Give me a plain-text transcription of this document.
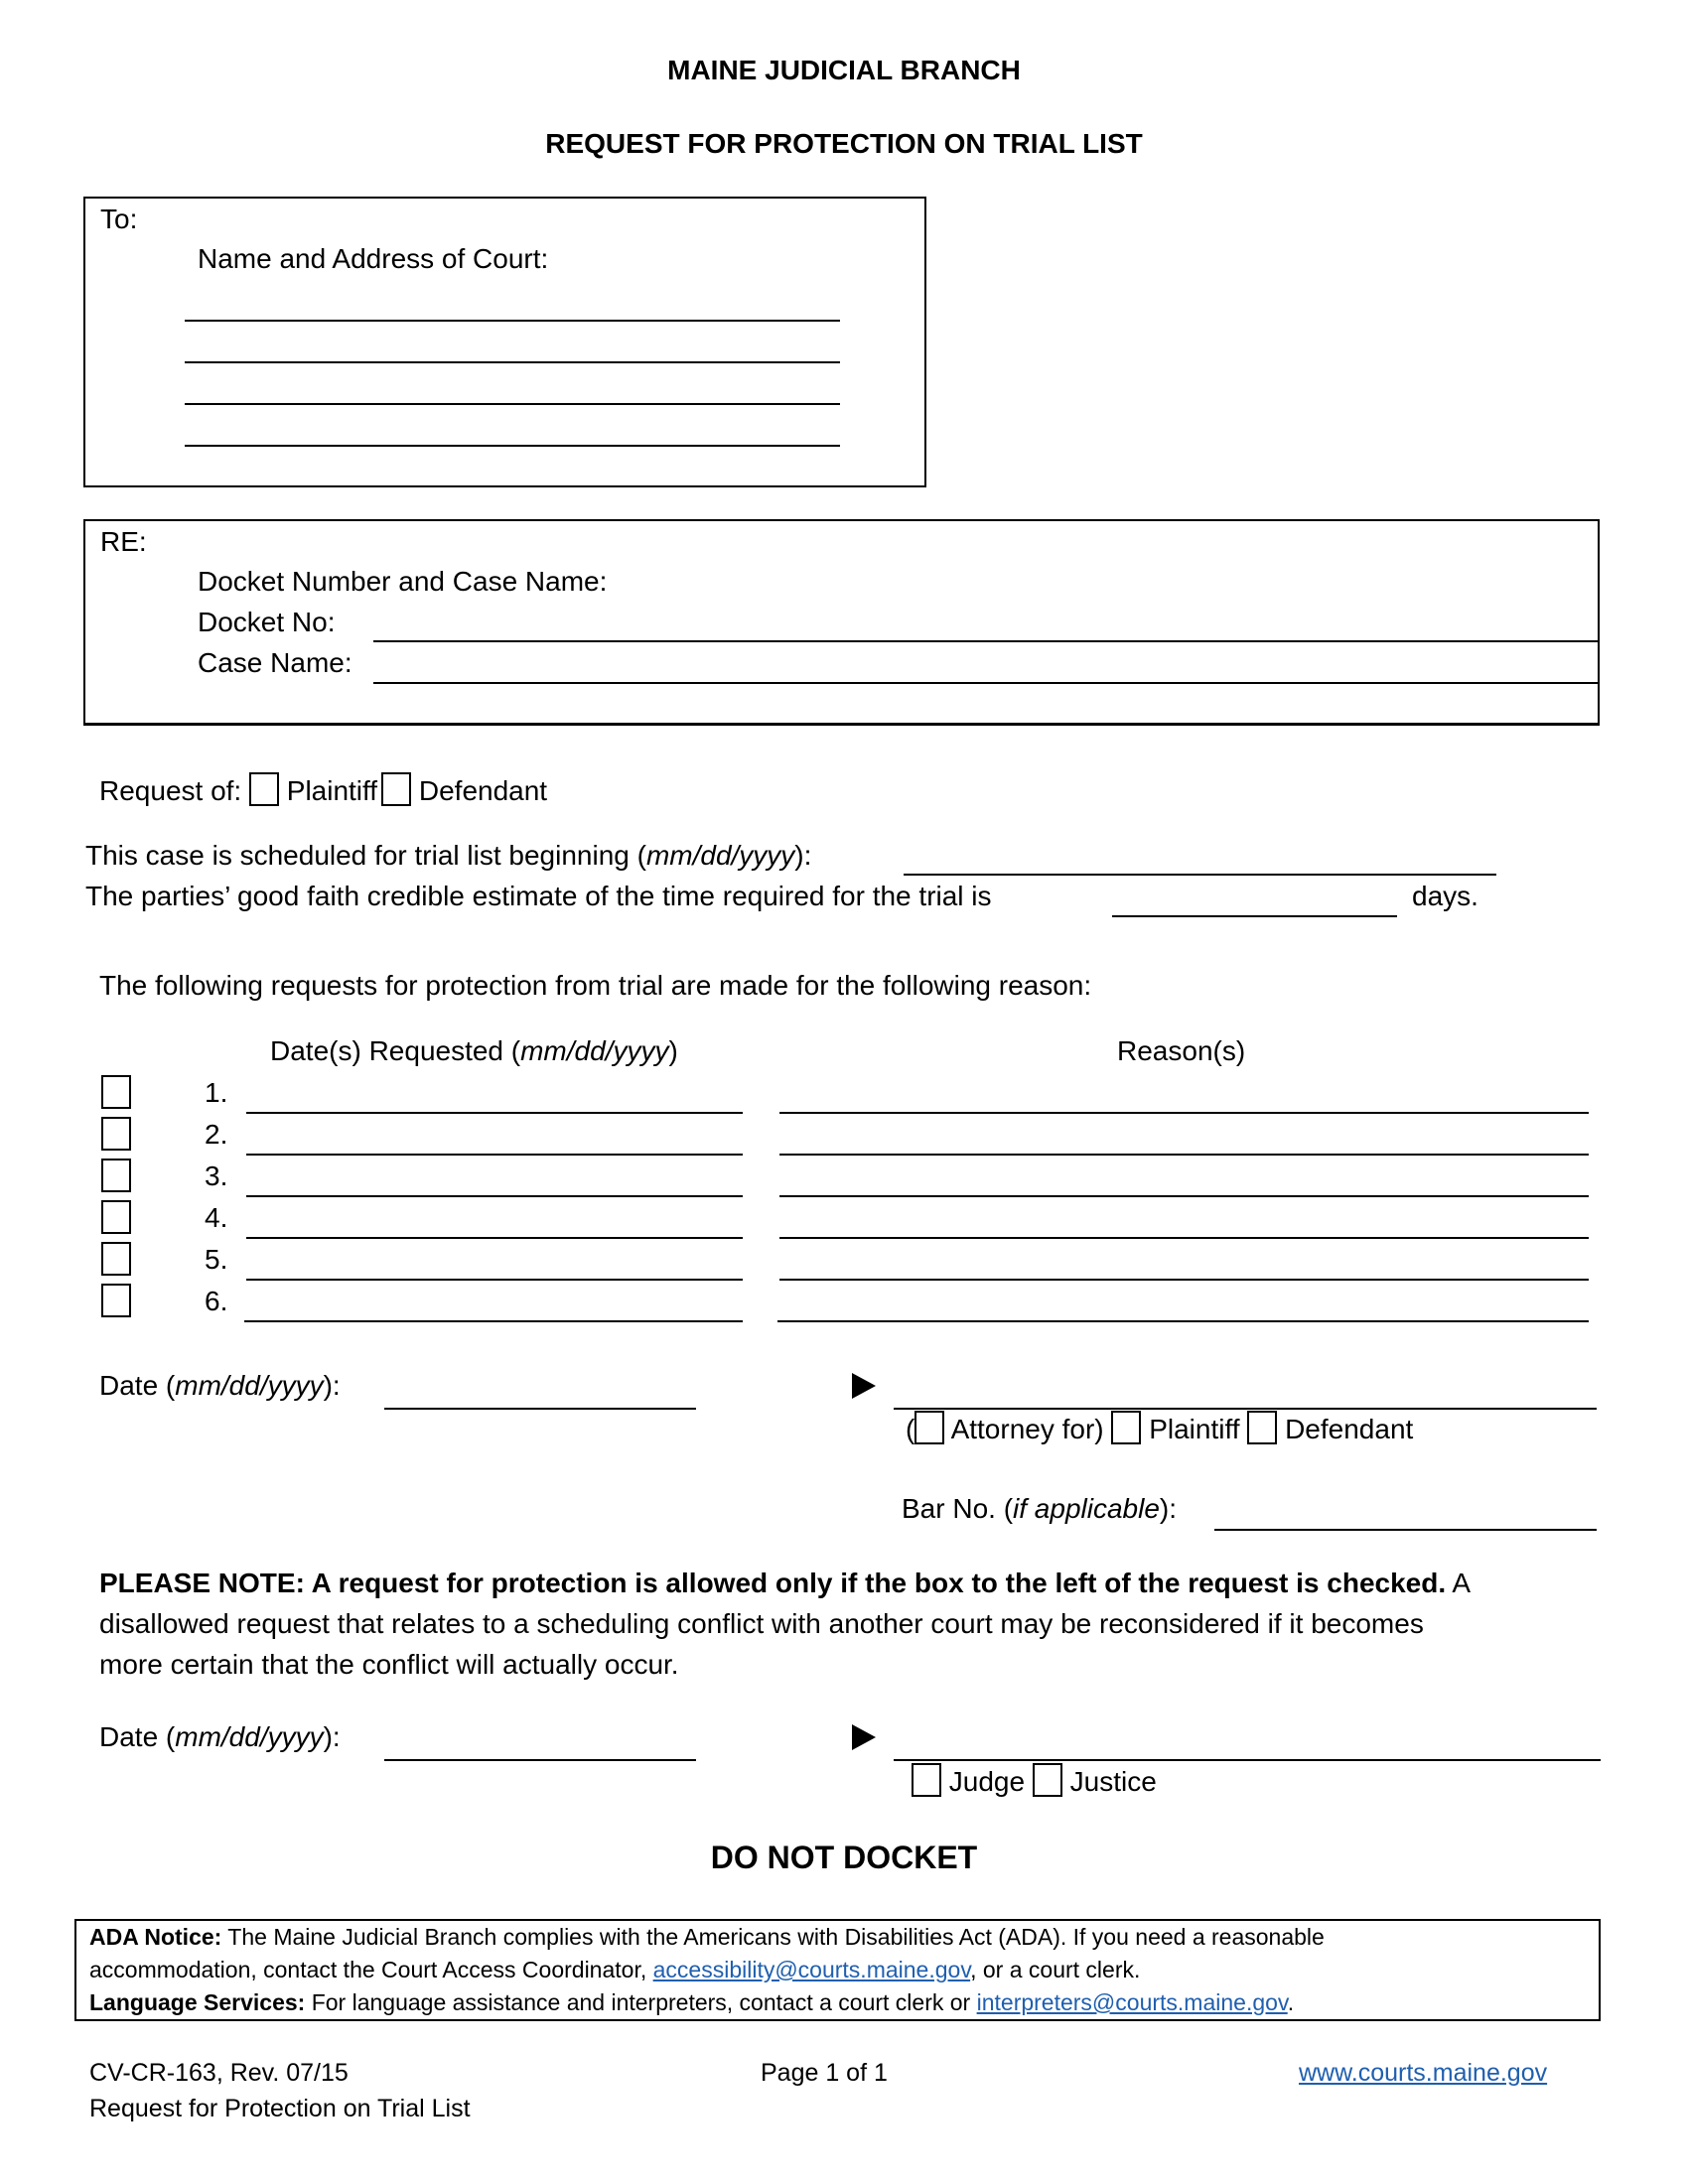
MAINE JUDICIAL BRANCH
REQUEST FOR PROTECTION ON TRIAL LIST
To:
Name and Address of Court:
RE:
Docket Number and Case Name:
Docket No:
Case Name:
Request of: Plaintiff Defendant
This case is scheduled for trial list beginning (mm/dd/yyyy):
The parties’ good faith credible estimate of the time required for the trial is	days.
The following requests for protection from trial are made for the following reason:
Date(s) Requested (mm/dd/yyyy)	Reason(s)
1.
2.
3.
4.
5.
6.
Date (mm/dd/yyyy):
( Attorney for) Plaintiff Defendant
Bar No. (if applicable):
PLEASE NOTE: A request for protection is allowed only if the box to the left of the request is checked. A
disallowed request that relates to a scheduling conflict with another court may be reconsidered if it becomes
more certain that the conflict will actually occur.
Date (mm/dd/yyyy):
Judge Justice
DO NOT DOCKET
ADA Notice: The Maine Judicial Branch complies with the Americans with Disabilities Act (ADA). If you need a reasonable
accommodation, contact the Court Access Coordinator, accessibility@courts.maine.gov, or a court clerk.
Language Services: For language assistance and interpreters, contact a court clerk or interpreters@courts.maine.gov.
CV-CR-163, Rev. 07/15
Request for Protection on Trial List
Page 1 of 1	www.courts.maine.gov
